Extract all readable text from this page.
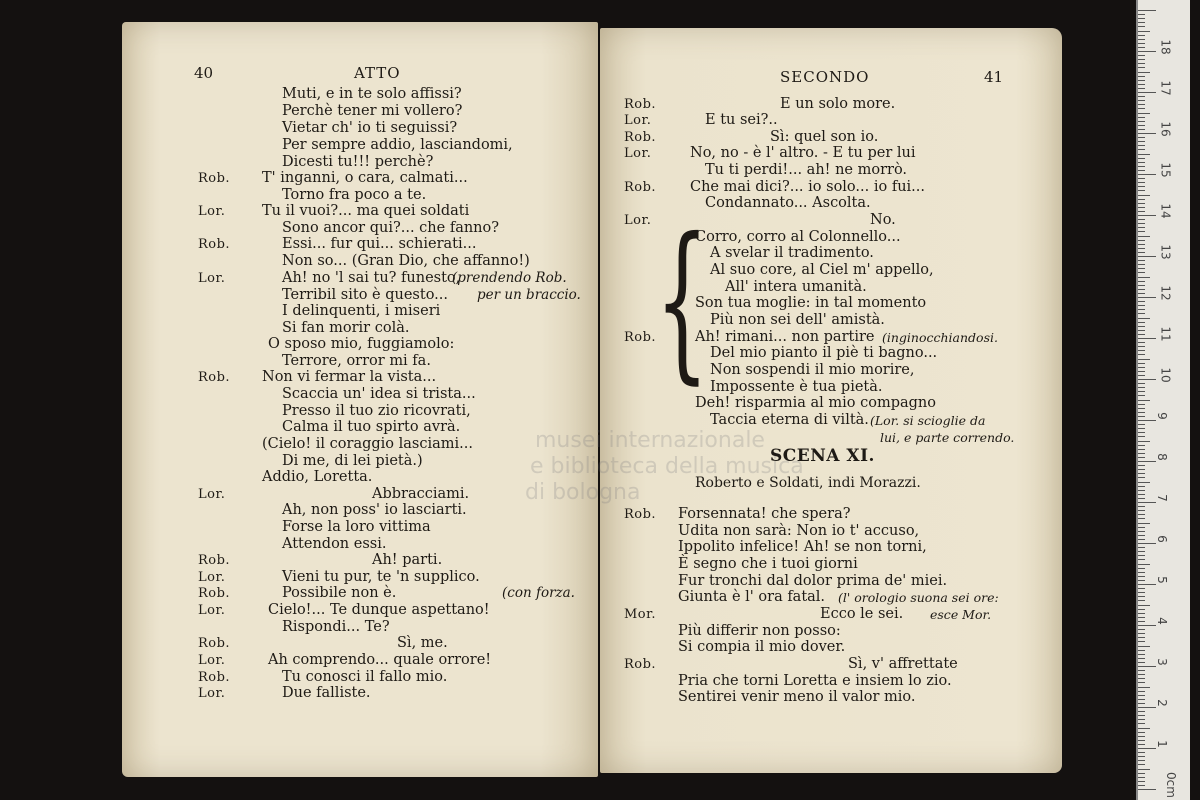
40	ATTO
Rob.
Lor.
Rob.
Lor.
Rob.
Lor.
Rob.
Lor.
Rob.
Lor.
Rob.
Lor.
Rob.
Lor.
Muti, e in te solo affissi?
Perchè tener mi vollero?
Vietar ch' io ti seguissi?
Per sempre addio, lasciandomi,
Dicesti tu!!! perchè?
T' inganni, o cara, calmati...
Torno fra poco a te.
Tu il vuoi?... ma quei soldati
Sono ancor qui?... che fanno?
Essi... fur qui... schierati...
Non so... (Gran Dio, che affanno!)
Ah! no 'l sai tu? funesto,
Terribil sito è questo...
I delinquenti, i miseri
Si fan morir colà.
O sposo mio, fuggiamolo:
Terrore, orror mi fa.
Non vi fermar la vista...
Scaccia un' idea si trista...
Presso il tuo zio ricovrati,
Calma il tuo spirto avrà.
(Cielo! il coraggio lasciami...
Di me, di lei pietà.)
Addio, Loretta.
Abbracciami.
Ah, non poss' io lasciarti.
Forse la loro vittima
Attendon essi.
Ah! parti.
Vieni tu pur, te 'n supplico.
Possibile non è.
Cielo!... Te dunque aspettano!
Rispondi... Te?
Sì, me.
Ah comprendo... quale orrore!
Tu conosci il fallo mio.
Due falliste.
(prendendo Rob.
per un braccio.
(con forza.
SECONDO	41
{
Rob.
Lor.
Rob.
Lor.
Rob.
Lor.
Rob.
Rob.
Mor.
Rob.
E un solo more.
E tu sei?..
Sì: quel son io.
No, no - è l' altro. - E tu per lui
Tu ti perdi!... ah! ne morrò.
Che mai dici?... io solo... io fui...
Condannato... Ascolta.
No.
Corro, corro al Colonnello...
A svelar il tradimento.
Al suo core, al Ciel m' appello,
All' intera umanità.
Son tua moglie: in tal momento
Più non sei dell' amistà.
Ah! rimani... non partire
Del mio pianto il piè ti bagno...
Non sospendi il mio morire,
Impossente è tua pietà.
Deh! risparmia al mio compagno
Taccia eterna di viltà.
Forsennata! che spera?
Udita non sarà: Non io t' accuso,
Ippolito infelice! Ah! se non torni,
È segno che i tuoi giorni
Fur tronchi dal dolor prima de' miei.
Giunta è l' ora fatal.
Ecco le sei.
Più differir non posso:
Si compia il mio dover.
Sì, v' affrettate
Pria che torni Loretta e insiem lo zio.
Sentirei venir meno il valor mio.
(inginocchiandosi.
(Lor. si scioglie da
lui, e parte correndo.
(l' orologio suona sei ore:
esce Mor.
SCENA XI.
Roberto e Soldati, indi Morazzi.
musei internazionale
e biblioteca della musica
di bologna
18
17
16
15
14
13
12
11
10
9
8
7
6
5
4
3
2
1
0cm
